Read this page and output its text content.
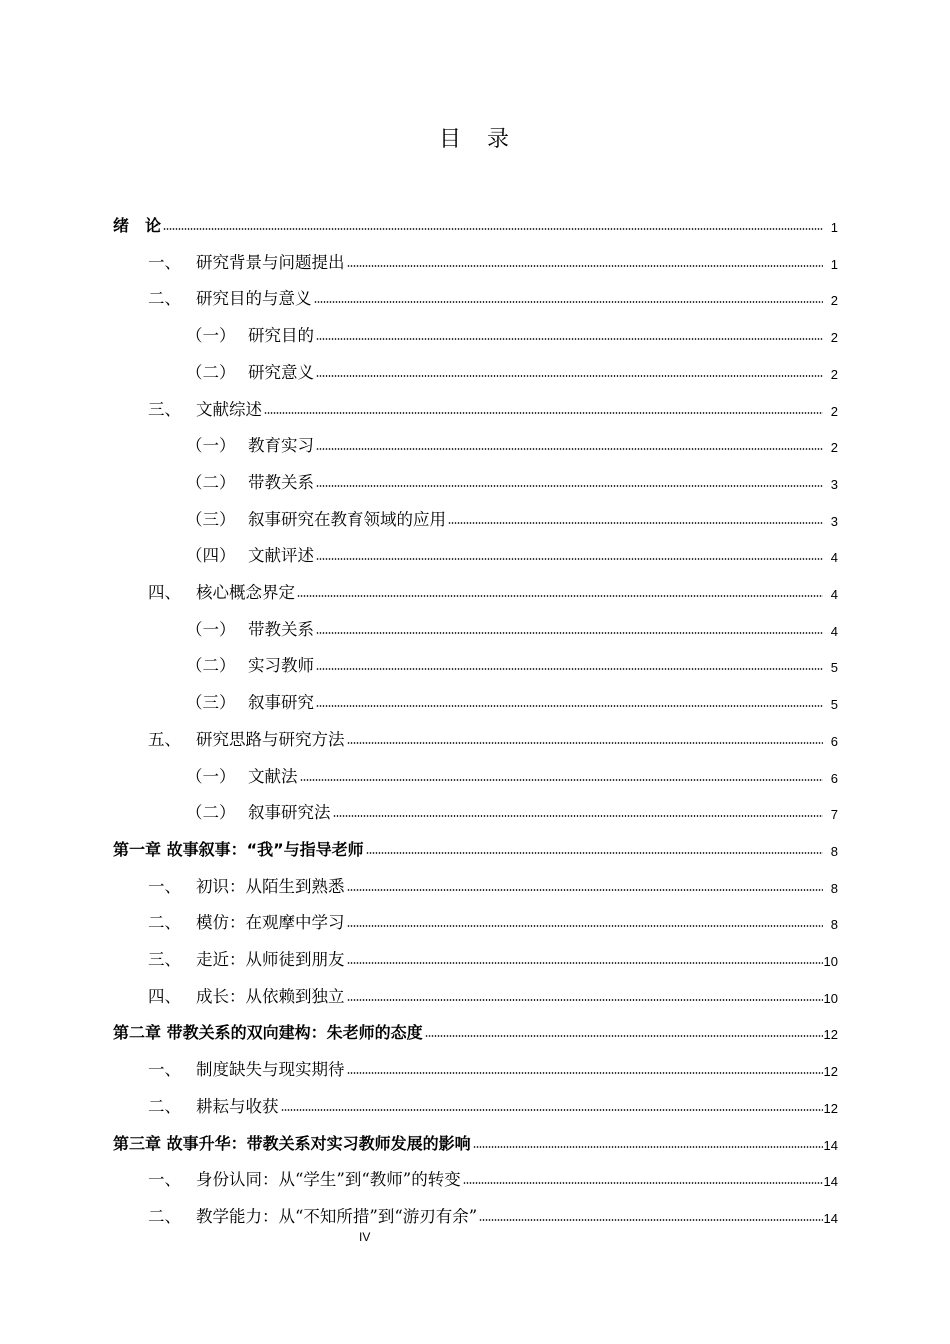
目　录
绪　论	1
一、 研究背景与问题提出	1
二、 研究目的与意义	2
（一） 研究目的	2
（二） 研究意义	2
三、 文献综述	2
（一） 教育实习	2
（二） 带教关系	3
（三） 叙事研究在教育领域的应用	3
（四） 文献评述	4
四、 核心概念界定	4
（一） 带教关系	4
（二） 实习教师	5
（三） 叙事研究	5
五、 研究思路与研究方法	6
（一） 文献法	6
（二） 叙事研究法	7
第一章 故事叙事：“我”与指导老师	8
一、 初识：从陌生到熟悉	8
二、 模仿：在观摩中学习	8
三、 走近：从师徒到朋友	10
四、 成长：从依赖到独立	10
第二章 带教关系的双向建构：朱老师的态度	12
一、 制度缺失与现实期待	12
二、 耕耘与收获	12
第三章 故事升华：带教关系对实习教师发展的影响	14
一、 身份认同：从“学生”到“教师”的转变	14
二、 教学能力：从“不知所措”到“游刃有余”	14
IV
